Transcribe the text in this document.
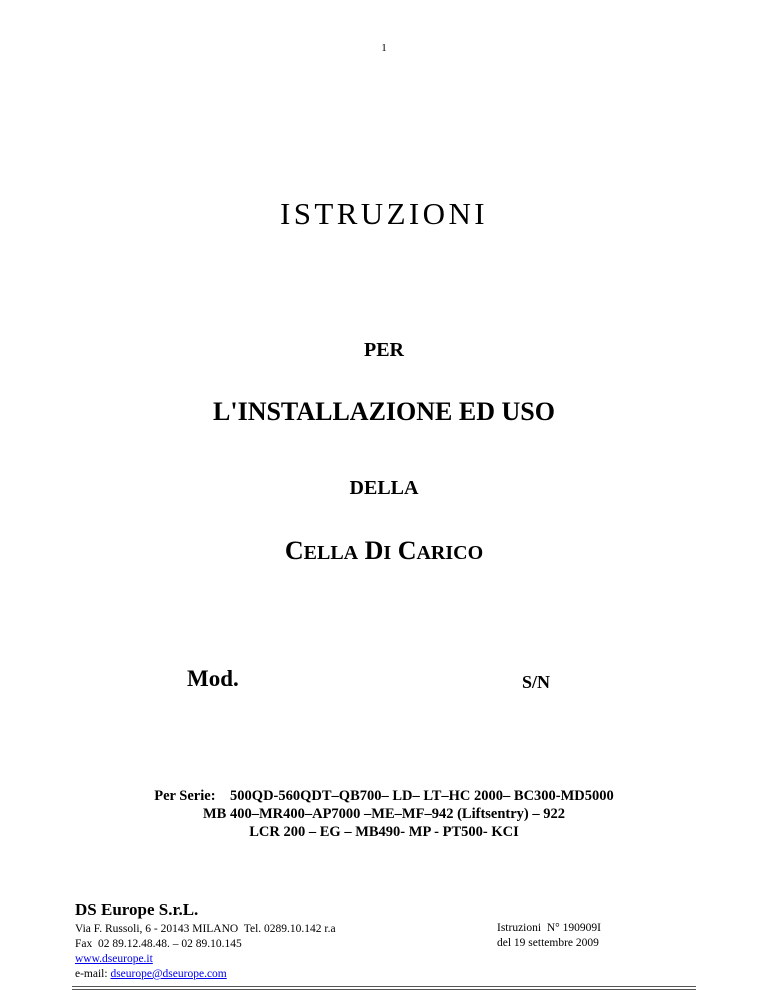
1
ISTRUZIONI
PER
L'INSTALLAZIONE ED USO
DELLA
CELLA DI CARICO
Mod.	S/N
Per Serie:    500QD-560QDT–QB700– LD– LT–HC 2000– BC300-MD5000
MB 400–MR400–AP7000 –ME–MF–942 (Liftsentry) – 922
LCR 200 – EG – MB490- MP - PT500- KCI
DS Europe S.r.L.
Via F. Russoli, 6 - 20143 MILANO  Tel. 0289.10.142 r.a
Fax  02 89.12.48.48. – 02 89.10.145
www.dseurope.it
e-mail: dseurope@dseurope.com
Istruzioni  N° 190909I
del 19 settembre 2009
